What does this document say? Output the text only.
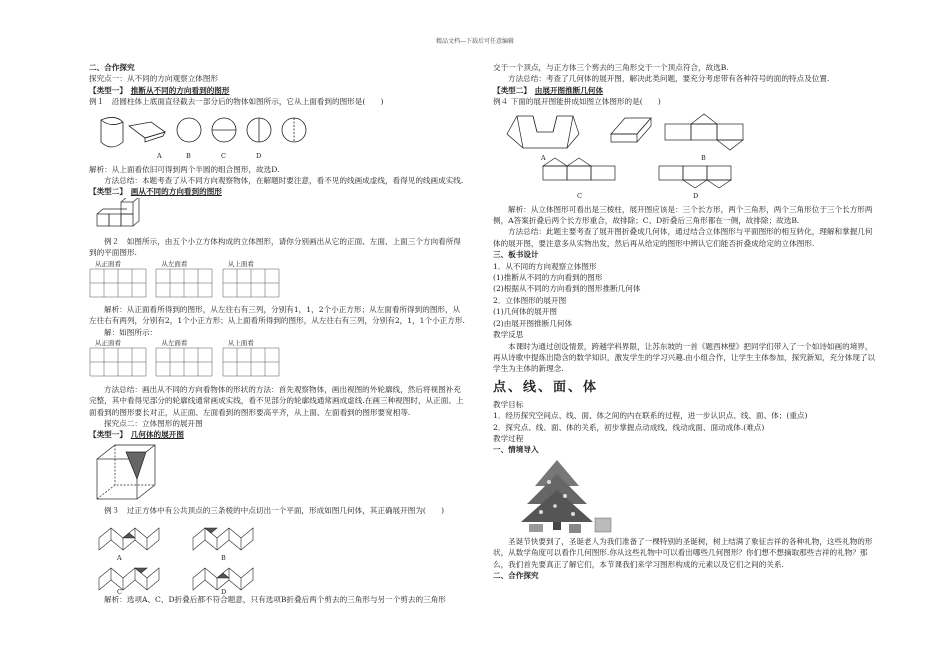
精品文档---下载后可任意编辑

二、合作探究

探究点一：从不同的方向观察立体图形

【类型一】　 推断从不同的方向看到的图形

例１　沿圆柱体上底面直径截去一部分后的物体如图所示，它从上面看到的图形是(　　)

A	B	C	D

解析：从上面看依旧可得到两个半圆的组合图形，故选D.

方法总结：本题考查了从不同方向观察物体，在解题时要注意，看不见的线画成虚线，看得见的线画成实线.

【类型二】　 画从不同的方向看到的图形

例２　如图所示，由五个小立方体构成的立体图形，请你分别画出从它的正面、左面、上面三个方向看所得到的平面图形.

从正面看
	从左面看
	从上面看

解析：从正面看所得到的图形，从左往右有三列，分别有1，1，2个小正方形；从左面看所得到的图形，从左往右有两列，分别有2，1个小正方形；从上面看所得到的图形，从左往右有三列，分别有2，1，1个小正方形.

解：如图所示：

从正面看
	从左面看
	从上面看

方法总结：画出从不同的方向看物体的形状的方法：首先观察物体，画出视图的外轮廓线，然后将视图补充完整，其中看得见部分的轮廓线通常画成实线，看不见部分的轮廓线通常画成虚线.在画三种视图时，从正面、上面看到的图形要长对正，从正面、左面看到的图形要高平齐，从上面、左面看到的图形要宽相等.

探究点二：立体图形的展开图

【类型一】　 几何体的展开图

例３　过正方体中有公共顶点的三条棱的中点切出一个平面，形成如图几何体，其正确展开图为(　　)

A	B
C	D

解析：选项A、C、D折叠后都不符合题意，只有选项B折叠后两个剪去的三角形与另一个剪去的三角形

交于一个顶点，与正方体三个剪去的三角形交于一个顶点符合，故选B.

方法总结：考查了几何体的展开图，解决此类问题，要充分考虑带有各种符号的面的特点及位置.

【类型二】　 由展开图推断几何体

例４ 下面的展开图能拼成如图立体图形的是(　　)

A	B
C	D

解析：从立体图形可看出是三棱柱，展开图应该是：三个长方形，两个三角形，两个三角形位于三个长方形两侧，A答案折叠后两个长方形重合，故排除；C、D折叠后三角形都在一侧，故排除；故选B.

方法总结：此题主要考查了展开图折叠成几何体，通过结合立体图形与平面图形的相互转化，理解和掌握几何体的展开图，要注意多从实物出发，然后再从给定的图形中辨认它们能否折叠成给定的立体图形.

三、板书设计

1．从不同的方向观察立体图形

(1)推断从不同的方向看到的图形

(2)根据从不同的方向看到的图形推断几何体

2．立体图形的展开图

(1)几何体的展开图

(2)由展开图推断几何体

教学反思

本课时为通过创设情景，跨越学科界限，让苏东坡的一首《题西林壁》把同学们带入了一个如诗如画的境界，再从诗歌中提炼出隐含的数学知识，激发学生的学习兴趣.由小组合作，让学生主体参加，探究新知，充分体现了以学生为主体的新理念.

点、线、面、体

教学目标

1．经历探究空间点、线、面、体之间的内在联系的过程，进一步认识点、线、面、体；(重点)

2．探究点、线、面、体的关系，初步掌握点动成线、线动成面、面动成体.(难点)

教学过程

一、情境导入

圣诞节快要到了，圣诞老人为我们准备了一棵特别的圣诞树，树上结满了象征吉祥的各种礼物，这些礼物的形状，从数学角度可以看作几何图形.你从这些礼物中可以看出哪些几何图形？你们想不想摘取那些吉祥的礼物？那么，我们首先要真正了解它们，本节课我们来学习图形构成的元素以及它们之间的关系.

二、合作探究
